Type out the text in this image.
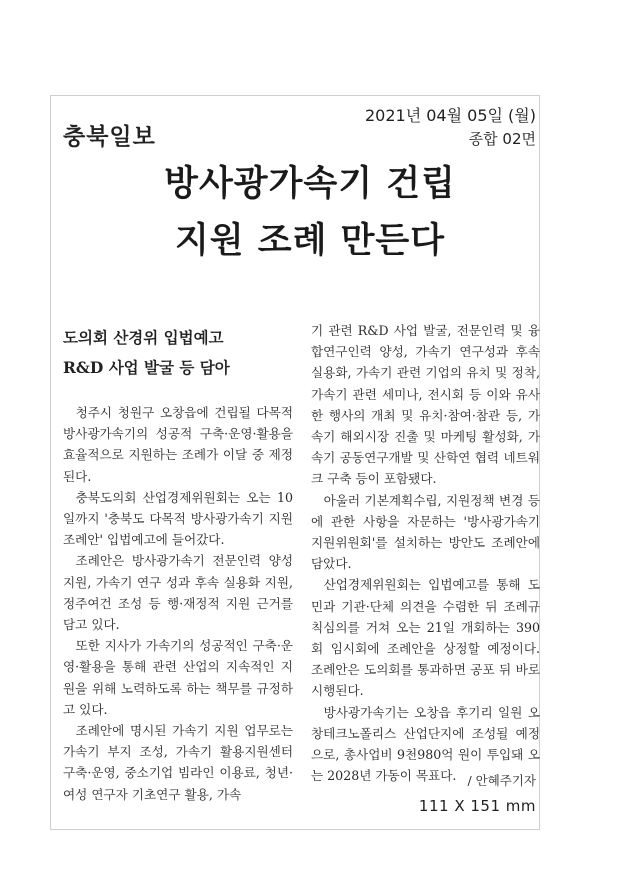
2021년 04월 05일 (월)
종합 02면
충북일보
방사광가속기 건립
지원 조례 만든다
도의회 산경위 입법예고
R&D 사업 발굴 등 담아

청주시 청원구 오창읍에 건립될 다목적 방사광가속기의 성공적 구축·운영·활용을 효율적으로 지원하는 조례가 이달 중 제정된다.

충북도의회 산업경제위원회는 오는 10일까지 '충북도 다목적 방사광가속기 지원 조례안' 입법예고에 들어갔다.

조례안은 방사광가속기 전문인력 양성지원, 가속기 연구 성과 후속 실용화 지원, 정주여건 조성 등 행·재정적 지원 근거를 담고 있다.

또한 지사가 가속기의 성공적인 구축·운영·활용을 통해 관련 산업의 지속적인 지원을 위해 노력하도록 하는 책무를 규정하고 있다.

조례안에 명시된 가속기 지원 업무로는 가속기 부지 조성, 가속기 활용지원센터 구축·운영, 중소기업 빔라인 이용료, 청년·여성 연구자 기초연구 활용, 가속

기 관련 R&D 사업 발굴, 전문인력 및 융합연구인력 양성, 가속기 연구성과 후속 실용화, 가속기 관련 기업의 유치 및 정착, 가속기 관련 세미나, 전시회 등 이와 유사한 행사의 개최 및 유치·참여·참관 등, 가속기 해외시장 진출 및 마케팅 활성화, 가속기 공동연구개발 및 산학연 협력 네트워크 구축 등이 포함됐다.

아울러 기본계획수립, 지원정책 변경 등에 관한 사항을 자문하는 '방사광가속기 지원위원회'를 설치하는 방안도 조례안에 담았다.

산업경제위원회는 입법예고를 통해 도민과 기관·단체 의견을 수렴한 뒤 조례규칙심의를 거쳐 오는 21일 개회하는 390회 임시회에 조례안을 상정할 예정이다. 조례안은 도의회를 통과하면 공포 뒤 바로 시행된다.

방사광가속기는 오창읍 후기리 일원 오창테크노폴리스 산업단지에 조성될 예정으로, 총사업비 9천980억 원이 투입돼 오는 2028년 가동이 목표다. / 안혜주기자
111 X 151 mm
